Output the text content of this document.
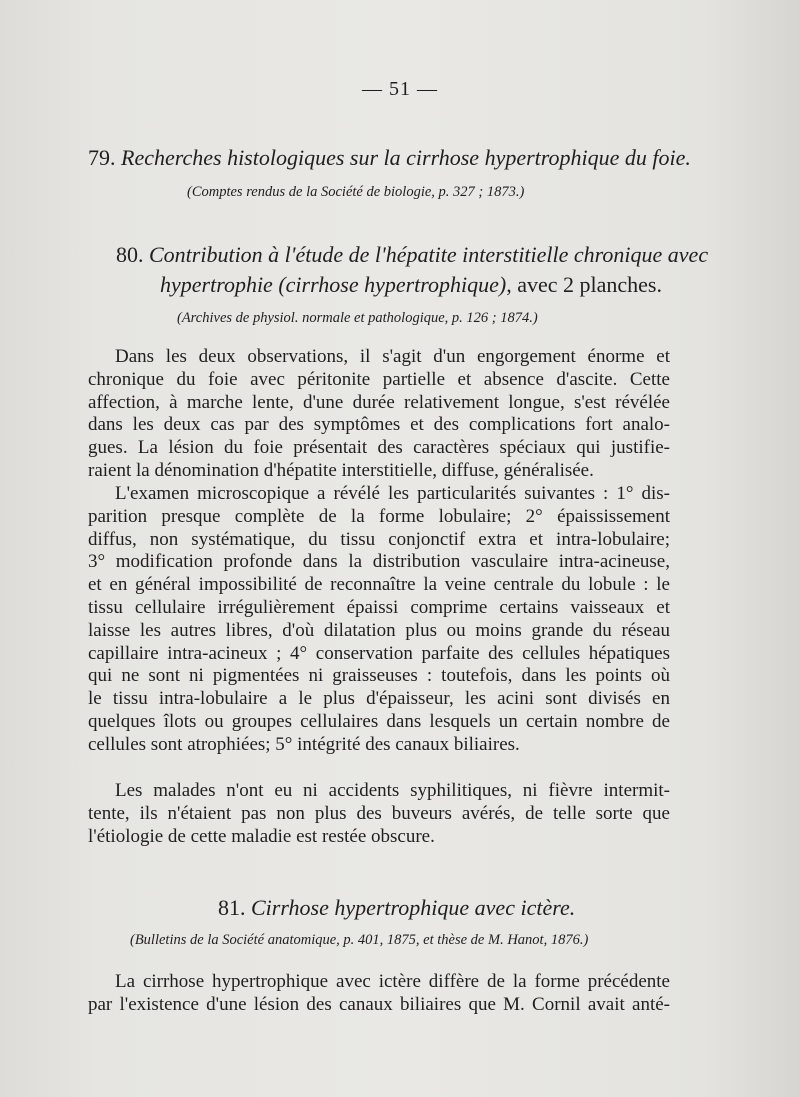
— 51 —
79. Recherches histologiques sur la cirrhose hypertrophique du foie.
(Comptes rendus de la Société de biologie, p. 327 ; 1873.)
80. Contribution à l'étude de l'hépatite interstitielle chronique avec
hypertrophie (cirrhose hypertrophique), avec 2 planches.
(Archives de physiol. normale et pathologique, p. 126 ; 1874.)
Dans les deux observations, il s'agit d'un engorgement énorme et
chronique du foie avec péritonite partielle et absence d'ascite. Cette
affection, à marche lente, d'une durée relativement longue, s'est révélée
dans les deux cas par des symptômes et des complications fort analo-
gues. La lésion du foie présentait des caractères spéciaux qui justifie-
raient la dénomination d'hépatite interstitielle, diffuse, généralisée.
L'examen microscopique a révélé les particularités suivantes : 1° dis-
parition presque complète de la forme lobulaire; 2° épaississement
diffus, non systématique, du tissu conjonctif extra et intra-lobulaire;
3° modification profonde dans la distribution vasculaire intra-acineuse,
et en général impossibilité de reconnaître la veine centrale du lobule : le
tissu cellulaire irrégulièrement épaissi comprime certains vaisseaux et
laisse les autres libres, d'où dilatation plus ou moins grande du réseau
capillaire intra-acineux ; 4° conservation parfaite des cellules hépatiques
qui ne sont ni pigmentées ni graisseuses : toutefois, dans les points où
le tissu intra-lobulaire a le plus d'épaisseur, les acini sont divisés en
quelques îlots ou groupes cellulaires dans lesquels un certain nombre de
cellules sont atrophiées; 5° intégrité des canaux biliaires.
Les malades n'ont eu ni accidents syphilitiques, ni fièvre intermit-
tente, ils n'étaient pas non plus des buveurs avérés, de telle sorte que
l'étiologie de cette maladie est restée obscure.
81. Cirrhose hypertrophique avec ictère.
(Bulletins de la Société anatomique, p. 401, 1875, et thèse de M. Hanot, 1876.)
La cirrhose hypertrophique avec ictère diffère de la forme précédente
par l'existence d'une lésion des canaux biliaires que M. Cornil avait anté-
